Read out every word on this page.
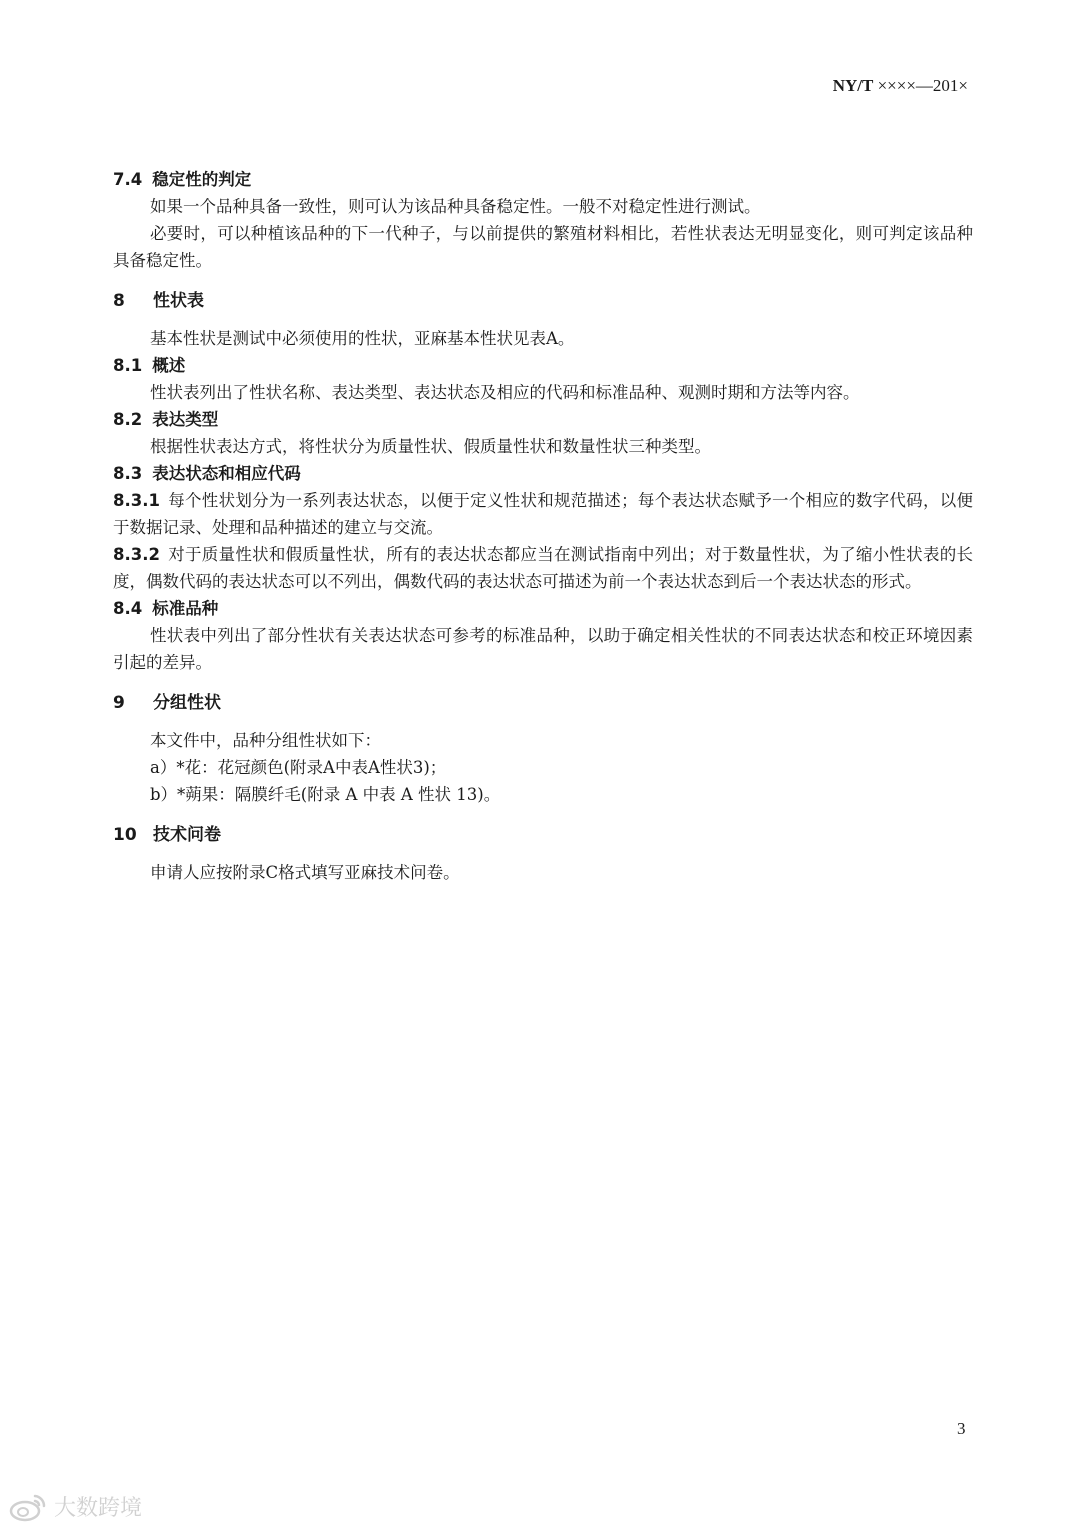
NY/T ××××—201×
7.4 稳定性的判定
如果一个品种具备一致性，则可认为该品种具备稳定性。一般不对稳定性进行测试。
必要时，可以种植该品种的下一代种子，与以前提供的繁殖材料相比，若性状表达无明显变化，则可判定该品种具备稳定性。
8 性状表
基本性状是测试中必须使用的性状，亚麻基本性状见表A。
8.1 概述
性状表列出了性状名称、表达类型、表达状态及相应的代码和标准品种、观测时期和方法等内容。
8.2 表达类型
根据性状表达方式，将性状分为质量性状、假质量性状和数量性状三种类型。
8.3 表达状态和相应代码
8.3.1 每个性状划分为一系列表达状态，以便于定义性状和规范描述；每个表达状态赋予一个相应的数字代码，以便于数据记录、处理和品种描述的建立与交流。
8.3.2 对于质量性状和假质量性状，所有的表达状态都应当在测试指南中列出；对于数量性状，为了缩小性状表的长度，偶数代码的表达状态可以不列出，偶数代码的表达状态可描述为前一个表达状态到后一个表达状态的形式。
8.4 标准品种
性状表中列出了部分性状有关表达状态可参考的标准品种，以助于确定相关性状的不同表达状态和校正环境因素引起的差异。
9 分组性状
本文件中，品种分组性状如下：
a）*花：花冠颜色(附录A中表A性状3)；
b）*蒴果：隔膜纤毛(附录 A 中表 A 性状 13)。
10 技术问卷
申请人应按附录C格式填写亚麻技术问卷。
3
大数跨境
